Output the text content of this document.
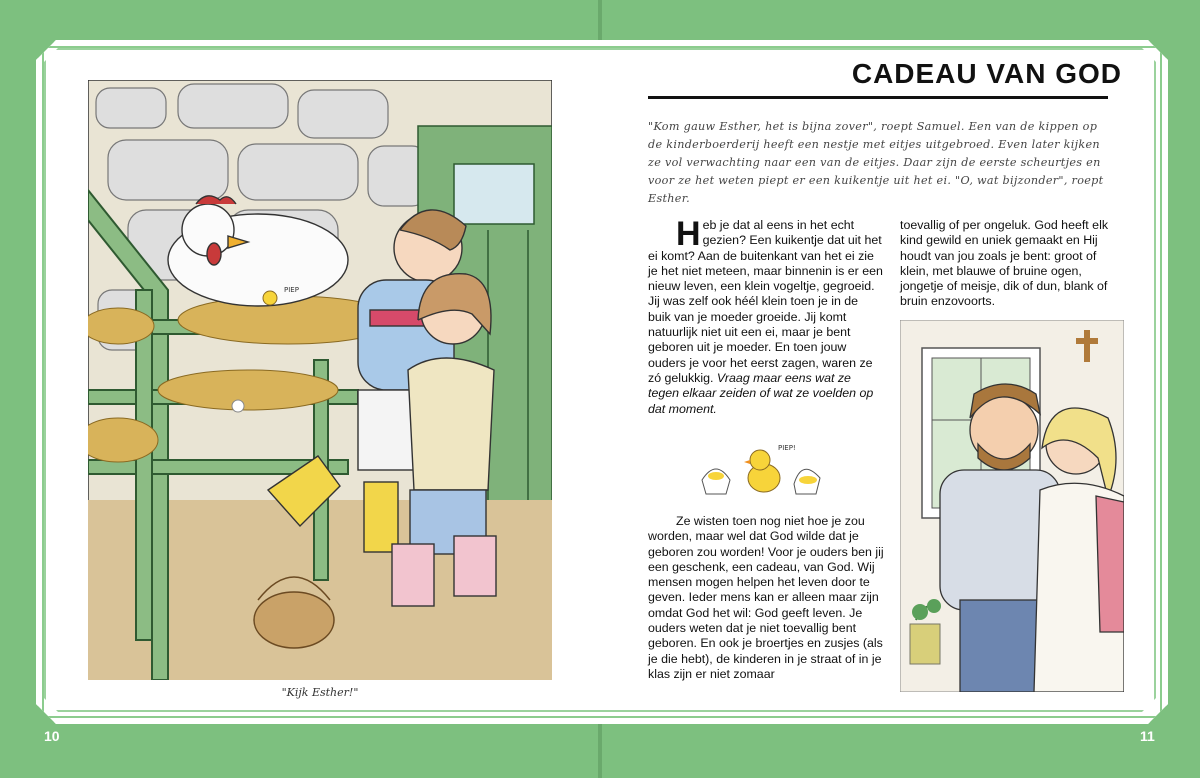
PIEP
"Kijk Esther!"
10
CADEAU VAN GOD
"Kom gauw Esther, het is bijna zover", roept Samuel. Een van de kippen op de kinderboerderij heeft een nestje met eitjes uitgebroed. Even later kijken ze vol verwachting naar een van de eitjes. Daar zijn de eerste scheurtjes en voor ze het weten piept er een kuikentje uit het ei. "O, wat bijzonder", roept Esther.
Heb je dat al eens in het echt gezien? Een kuikentje dat uit het ei komt? Aan de buitenkant van het ei zie je het niet meteen, maar binnenin is er een nieuw leven, een klein vogeltje, gegroeid. Jij was zelf ook héél klein toen je in de buik van je moeder groeide. Jij komt natuurlijk niet uit een ei, maar je bent geboren uit je moeder. En toen jouw ouders je voor het eerst zagen, waren ze zó gelukkig. Vraag maar eens wat ze tegen elkaar zeiden of wat ze voelden op dat moment.
PIEP!
Ze wisten toen nog niet hoe je zou worden, maar wel dat God wilde dat je geboren zou worden! Voor je ouders ben jij een geschenk, een cadeau, van God. Wij mensen mogen helpen het leven door te geven. Ieder mens kan er alleen maar zijn omdat God het wil: God geeft leven. Je ouders weten dat je niet toevallig bent geboren. En ook je broertjes en zusjes (als je die hebt), de kinderen in je straat of in je klas zijn er niet zomaar
toevallig of per ongeluk. God heeft elk kind gewild en uniek gemaakt en Hij houdt van jou zoals je bent: groot of klein, met blauwe of bruine ogen, jongetje of meisje, dik of dun, blank of bruin enzovoorts.
11
